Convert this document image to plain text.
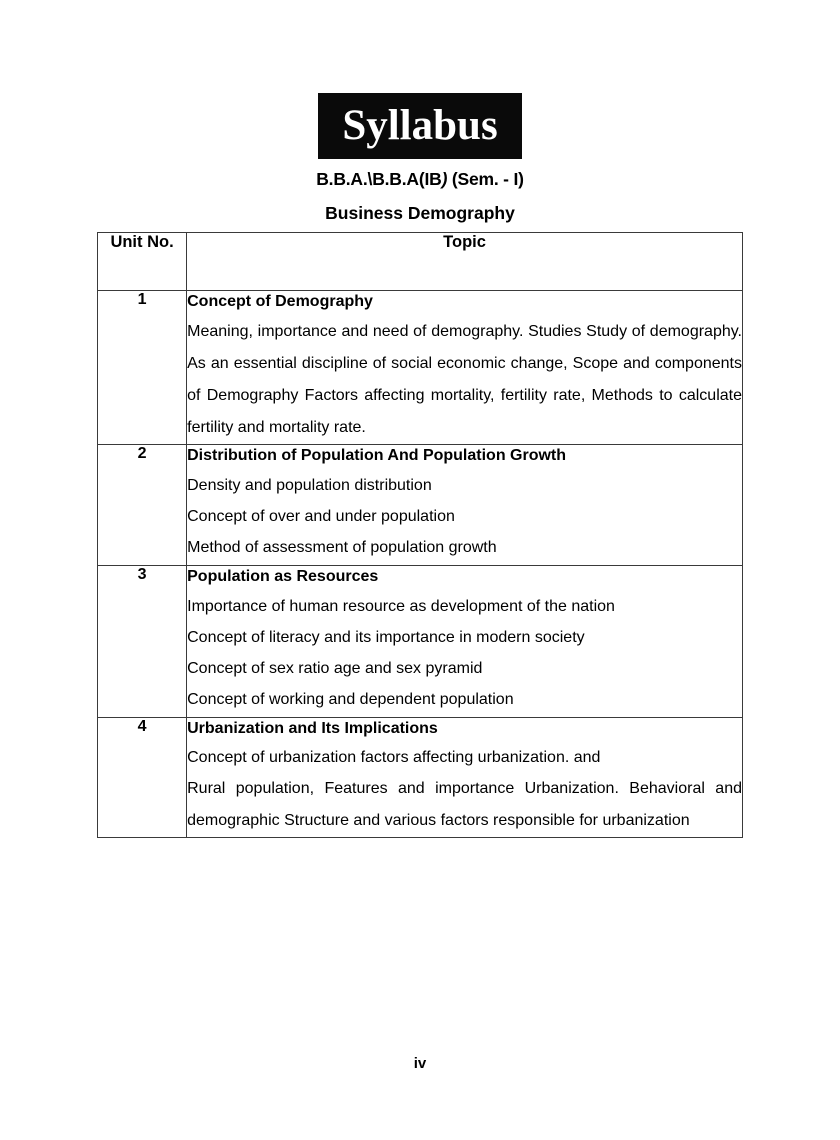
Syllabus
B.B.A.\B.B.A(IB) (Sem. - I)
Business Demography
Unit No.	Topic
1	Concept of Demography
Meaning, importance and need of demography. Studies Study of demography. As an essential discipline of social economic change, Scope and components of Demography Factors affecting mortality, fertility rate, Methods to calculate fertility and mortality rate.

2	Distribution of Population And Population Growth
Density and population distribution
Concept of over and under population
Method of assessment of population growth

3	Population as Resources
Importance of human resource as development of the nation
Concept of literacy and its importance in modern society
Concept of sex ratio age and sex pyramid
Concept of working and dependent population

4	Urbanization and Its Implications
Concept of urbanization factors affecting urbanization. and
Rural population, Features and importance Urbanization. Behavioral and demographic Structure and various factors responsible for urbanization
iv
